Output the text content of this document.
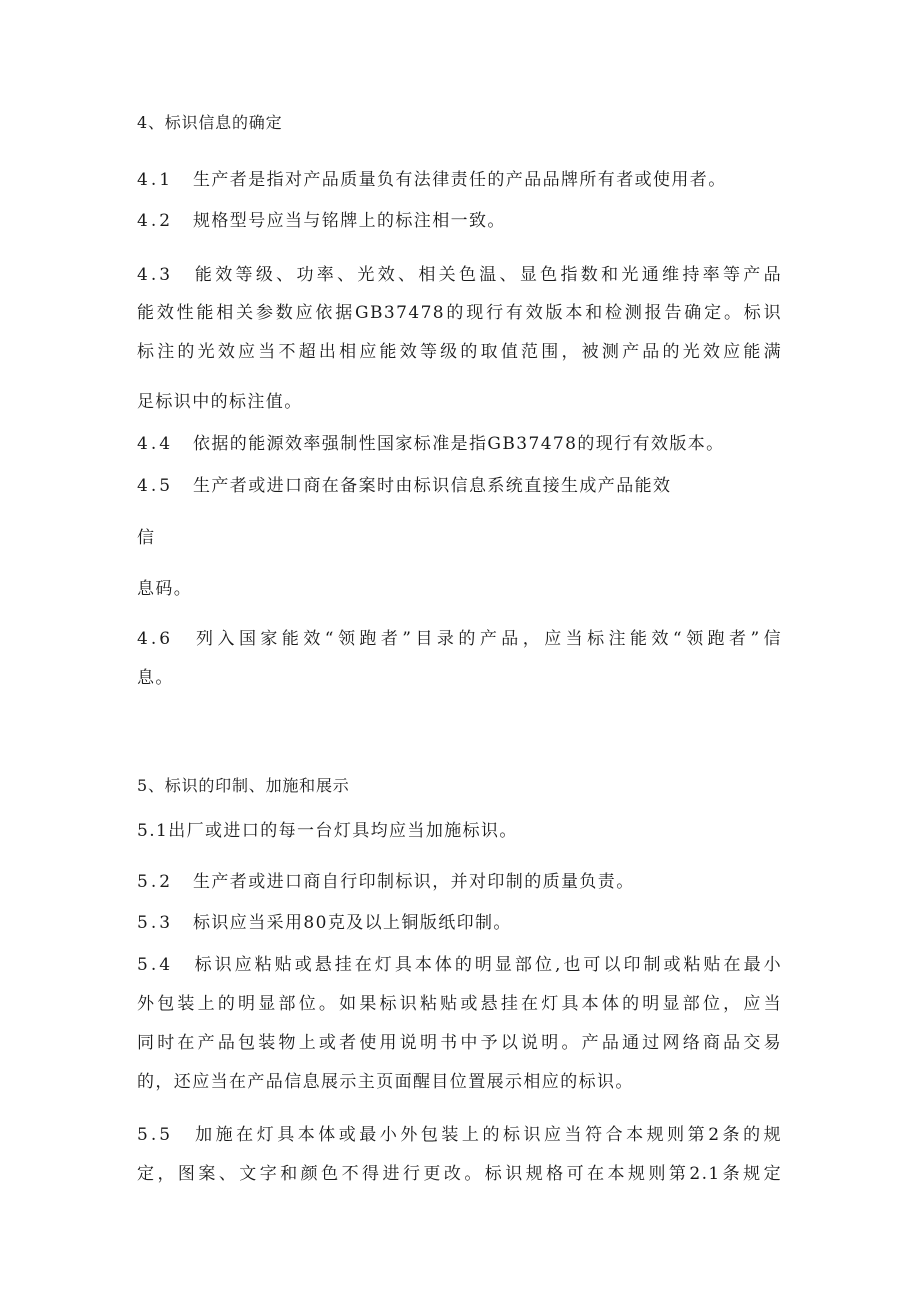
4、标识信息的确定
4.1 生产者是指对产品质量负有法律责任的产品品牌所有者或使用者。
4.2 规格型号应当与铭牌上的标注相一致。
4.3 能效等级、功率、光效、相关色温、显色指数和光通维持率等产品
能效性能相关参数应依据GB37478的现行有效版本和检测报告确定。标识
标注的光效应当不超出相应能效等级的取值范围，被测产品的光效应能满
足标识中的标注值。
4.4 依据的能源效率强制性国家标准是指GB37478的现行有效版本。
4.5 生产者或进口商在备案时由标识信息系统直接生成产品能效
信
息码。
4.6 列入国家能效“领跑者”目录的产品，应当标注能效“领跑者”信
息。
5、标识的印制、加施和展示
5.1出厂或进口的每一台灯具均应当加施标识。
5.2 生产者或进口商自行印制标识，并对印制的质量负责。
5.3 标识应当采用80克及以上铜版纸印制。
5.4 标识应粘贴或悬挂在灯具本体的明显部位,也可以印制或粘贴在最小
外包装上的明显部位。如果标识粘贴或悬挂在灯具本体的明显部位，应当
同时在产品包装物上或者使用说明书中予以说明。产品通过网络商品交易
的，还应当在产品信息展示主页面醒目位置展示相应的标识。
5.5 加施在灯具本体或最小外包装上的标识应当符合本规则第2条的规
定，图案、文字和颜色不得进行更改。标识规格可在本规则第2.1条规定
